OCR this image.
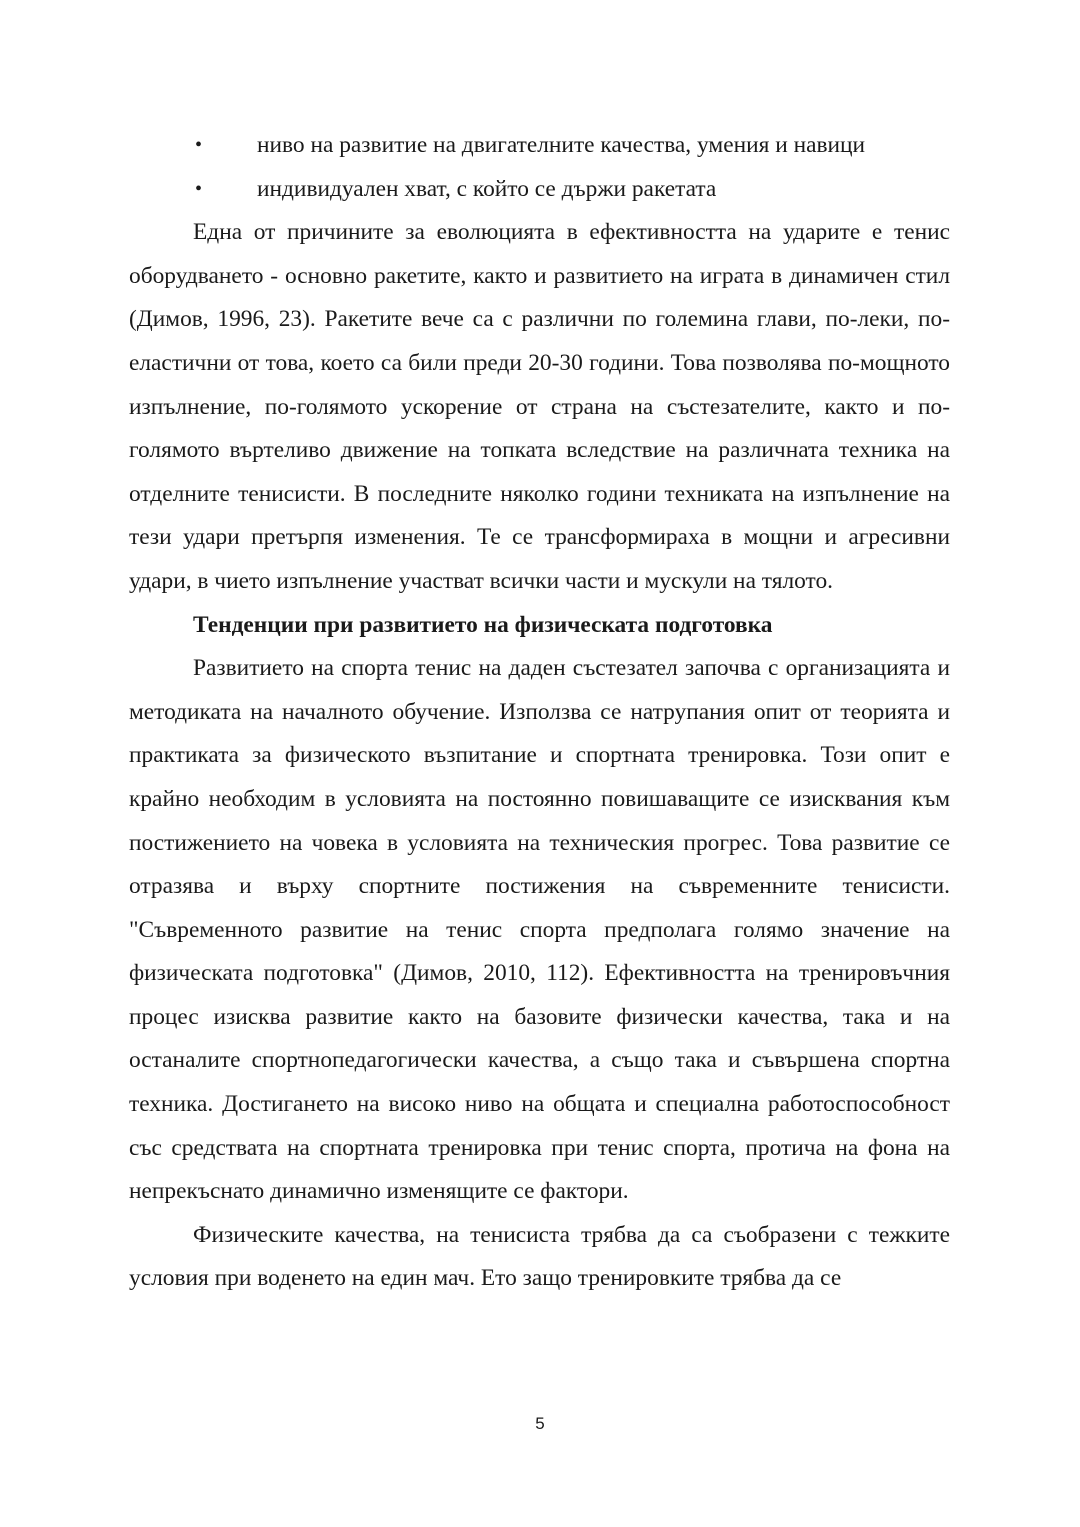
• ниво на развитие на двигателните качества, умения и навици
• индивидуален хват, с който се държи ракетата

Една от причините за еволюцията в ефективността на ударите е тенис оборудването - основно ракетите, както и развитието на играта в динамичен стил (Димов, 1996, 23). Ракетите вече са с различни по големина глави, по-леки, по-еластични от това, което са били преди 20-30 години. Това позволява по-мощното изпълнение, по-голямото ускорение от страна на състезателите, както и по-голямото въртеливо движение на топката вследствие на различната техника на отделните тенисисти. В последните няколко години техниката на изпълнение на тези удари претърпя изменения. Те се трансформираха в мощни и агресивни удари, в чието изпълнение участват всички части и мускули на тялото.

Тенденции при развитието на физическата подготовка

Развитието на спорта тенис на даден състезател започва с организацията и методиката на началното обучение. Използва се натрупания опит от теорията и практиката за физическото възпитание и спортната тренировка. Този опит е крайно необходим в условията на постоянно повишаващите се изисквания към постижението на човека в условията на техническия прогрес. Това развитие се отразява и върху спортните постижения на съвременните тенисисти. "Съвременното развитие на тенис спорта предполага голямо значение на физическата подготовка" (Димов, 2010, 112). Ефективността на тренировъчния процес изисква развитие както на базовите физически качества, така и на останалите спортнопедагогически качества, а също така и съвършена спортна техника. Достигането на високо ниво на общата и специална работоспособност със средствата на спортната тренировка при тенис спорта, протича на фона на непрекъснато динамично изменящите се фактори.

Физическите качества, на тенисиста трябва да са съобразени с тежките условия при воденето на един мач. Ето защо тренировките трябва да се

5
